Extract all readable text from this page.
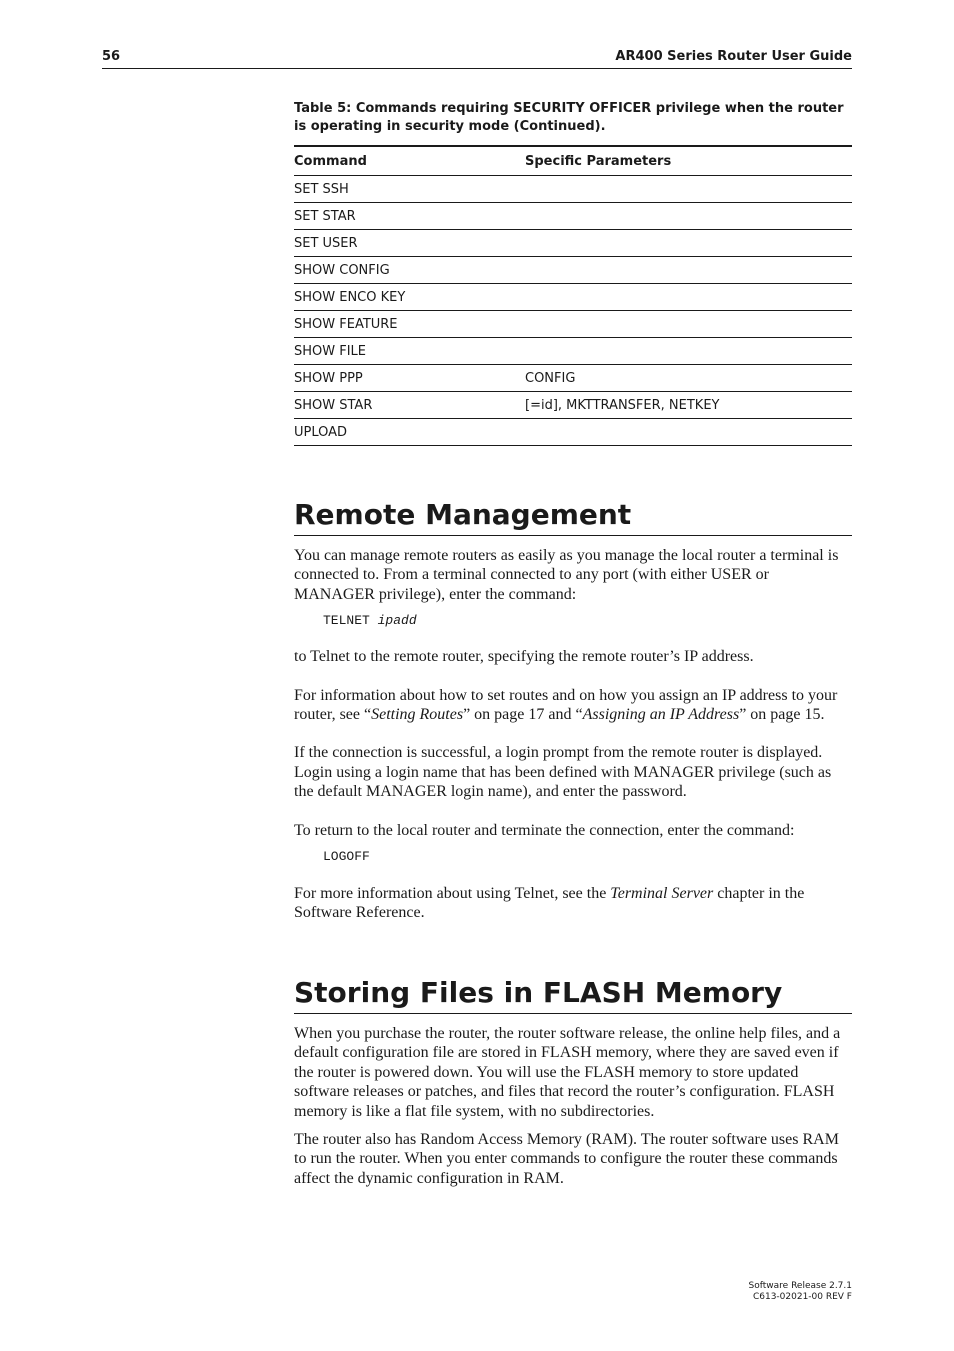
56	AR400 Series Router User Guide
Table 5: Commands requiring SECURITY OFFICER privilege when the router is operating in security mode (Continued).
Command	Specific Parameters
SET SSH	
SET STAR	
SET USER	
SHOW CONFIG	
SHOW ENCO KEY	
SHOW FEATURE	
SHOW FILE	
SHOW PPP	CONFIG
SHOW STAR	[=id], MKTTRANSFER, NETKEY
UPLOAD	
Remote Management

You can manage remote routers as easily as you manage the local router a terminal is connected to. From a terminal connected to any port (with either USER or MANAGER privilege), enter the command:

TELNET ipadd

to Telnet to the remote router, specifying the remote router’s IP address.

For information about how to set routes and on how you assign an IP address to your router, see “Setting Routes” on page 17 and “Assigning an IP Address” on page 15.

If the connection is successful, a login prompt from the remote router is displayed. Login using a login name that has been defined with MANAGER privilege (such as the default MANAGER login name), and enter the password.

To return to the local router and terminate the connection, enter the command:

LOGOFF

For more information about using Telnet, see the Terminal Server chapter in the Software Reference.

Storing Files in FLASH Memory

When you purchase the router, the router software release, the online help files, and a default configuration file are stored in FLASH memory, where they are saved even if the router is powered down. You will use the FLASH memory to store updated software releases or patches, and files that record the router’s configuration. FLASH memory is like a flat file system, with no subdirectories.

The router also has Random Access Memory (RAM). The router software uses RAM to run the router. When you enter commands to configure the router these commands affect the dynamic configuration in RAM.

Software Release 2.7.1
C613-02021-00 REV F
